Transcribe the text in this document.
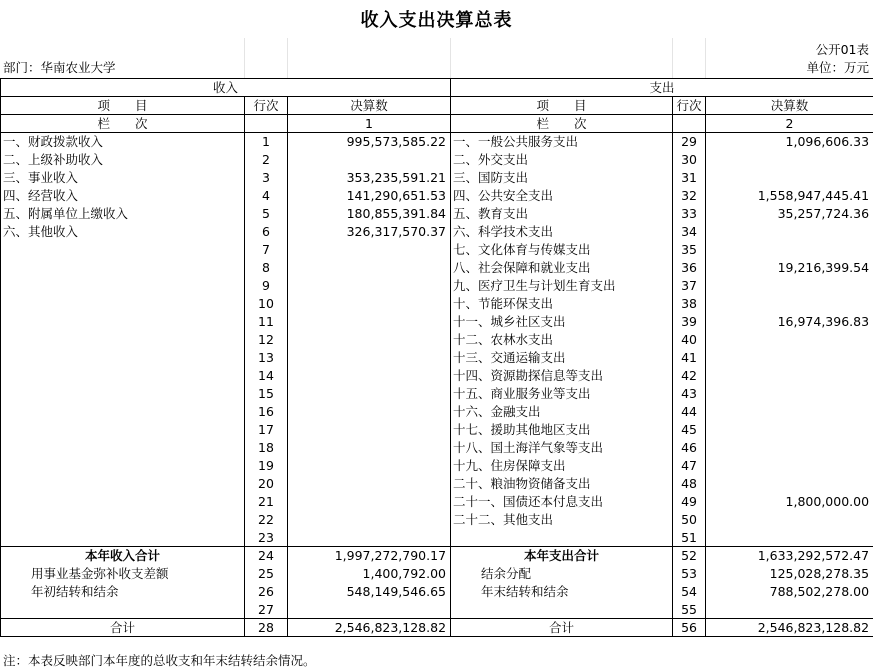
收入支出决算总表
公开01表
部门：华南农业大学	单位：万元
收入			支出		
项　　目	行次	决算数	项　　目	行次	决算数
栏　　次		1	栏　　次		2
一、财政拨款收入	1	995,573,585.22	一、一般公共服务支出	29	1,096,606.33
二、上级补助收入	2		二、外交支出	30	
三、事业收入	3	353,235,591.21	三、国防支出	31	
四、经营收入	4	141,290,651.53	四、公共安全支出	32	1,558,947,445.41
五、附属单位上缴收入	5	180,855,391.84	五、教育支出	33	35,257,724.36
六、其他收入	6	326,317,570.37	六、科学技术支出	34	
	7		七、文化体育与传媒支出	35	
	8		八、社会保障和就业支出	36	19,216,399.54
	9		九、医疗卫生与计划生育支出	37	
	10		十、节能环保支出	38	
	11		十一、城乡社区支出	39	16,974,396.83
	12		十二、农林水支出	40	
	13		十三、交通运输支出	41	
	14		十四、资源勘探信息等支出	42	
	15		十五、商业服务业等支出	43	
	16		十六、金融支出	44	
	17		十七、援助其他地区支出	45	
	18		十八、国土海洋气象等支出	46	
	19		十九、住房保障支出	47	
	20		二十、粮油物资储备支出	48	
	21		二十一、国债还本付息支出	49	1,800,000.00
	22		二十二、其他支出	50	
	23			51	
本年收入合计	24	1,997,272,790.17	本年支出合计	52	1,633,292,572.47
用事业基金弥补收支差额	25	1,400,792.00	结余分配	53	125,028,278.35
年初结转和结余	26	548,149,546.65	年末结转和结余	54	788,502,278.00
	27			55	
合计	28	2,546,823,128.82	合计	56	2,546,823,128.82
注：本表反映部门本年度的总收支和年末结转结余情况。
